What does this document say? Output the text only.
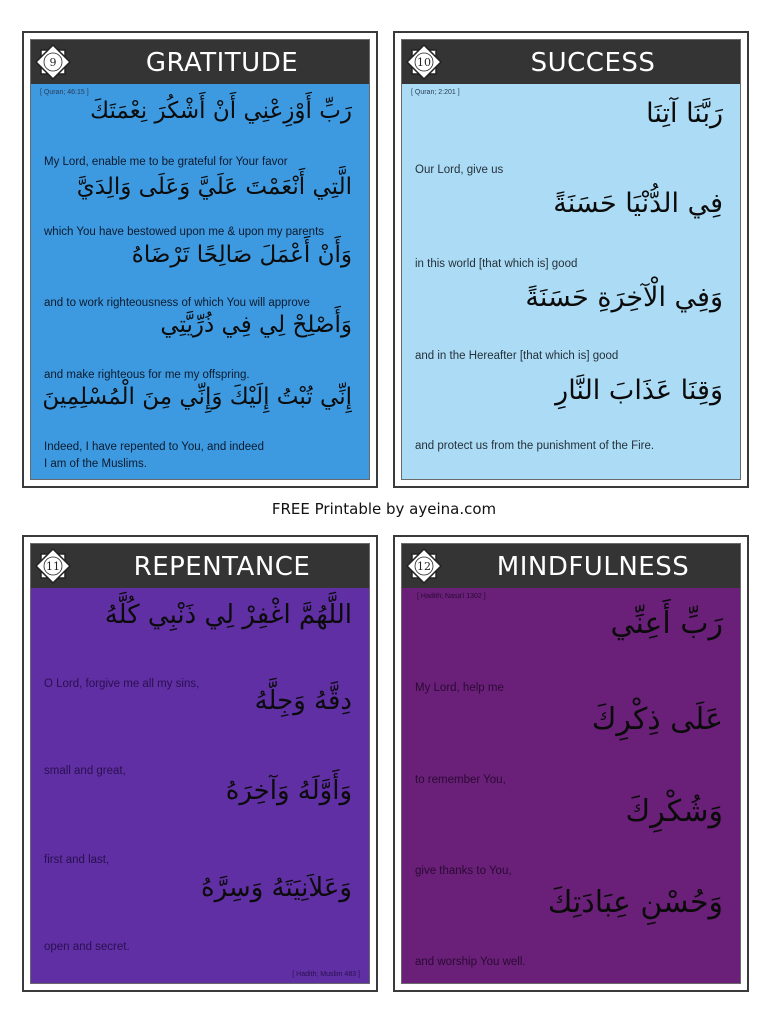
9	GRATITUDE
[ Quran; 46:15 ]
رَبِّ أَوْزِعْنِي أَنْ أَشْكُرَ نِعْمَتَكَ
My Lord, enable me to be grateful for Your favor
الَّتِي أَنْعَمْتَ عَلَيَّ وَعَلَى وَالِدَيَّ
which You have bestowed upon me & upon my parents
وَأَنْ أَعْمَلَ صَالِحًا تَرْضَاهُ
and to work righteousness of which You will approve
وَأَصْلِحْ لِي فِي ذُرِّيَّتِي
and make righteous for me my offspring.
إِنِّي تُبْتُ إِلَيْكَ وَإِنِّي مِنَ الْمُسْلِمِينَ
Indeed, I have repented to You, and indeed
I am of the Muslims.
10	SUCCESS
[ Quran; 2:201 ]
رَبَّنَا آتِنَا
Our Lord, give us
فِي الدُّنْيَا حَسَنَةً
in this world [that which is] good
وَفِي الْآخِرَةِ حَسَنَةً
and in the Hereafter [that which is] good
وَقِنَا عَذَابَ النَّارِ
and protect us from the punishment of the Fire.
FREE Printable by ayeina.com
11	REPENTANCE
اللَّهُمَّ اغْفِرْ لِي ذَنْبِي كُلَّهُ
O Lord, forgive me all my sins,
دِقَّهُ وَجِلَّهُ
small and great,
وَأَوَّلَهُ وَآخِرَهُ
first and last,
وَعَلاَنِيَتَهُ وَسِرَّهُ
open and secret.
[ Hadith; Muslim 483 ]
12	MINDFULNESS
[ Hadith; Nasa'i 1302 ]
رَبِّ أَعِنِّي
My Lord, help me
عَلَى ذِكْرِكَ
to remember You,
وَشُكْرِكَ
give thanks to You,
وَحُسْنِ عِبَادَتِكَ
and worship You well.
